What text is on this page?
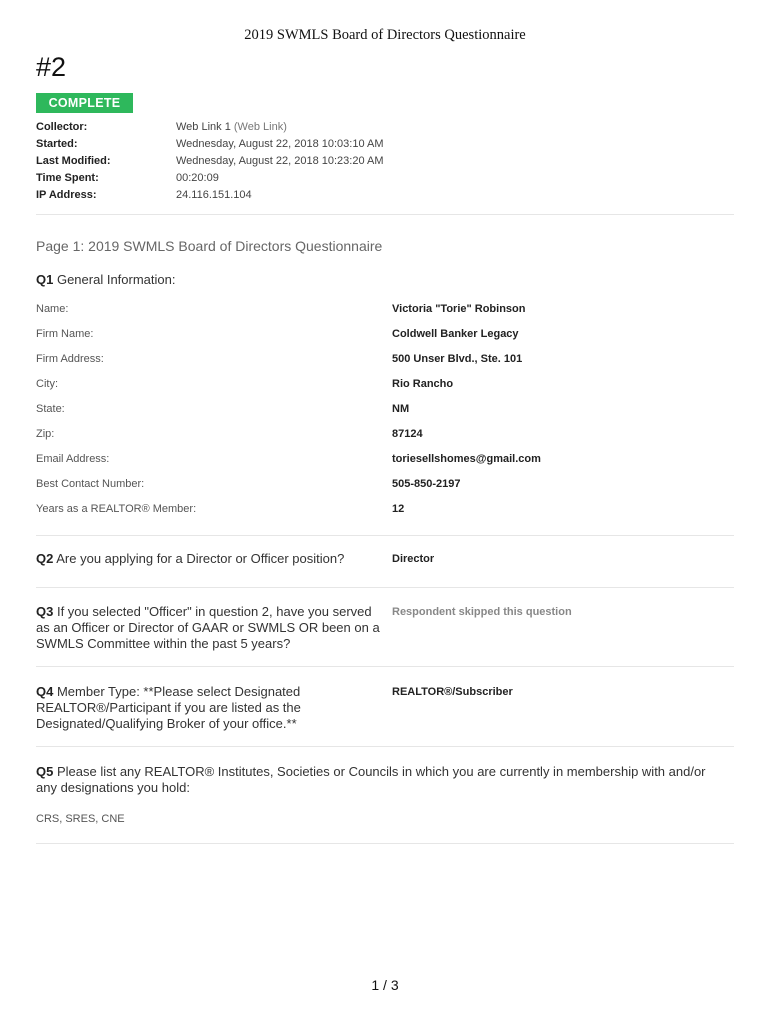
2019 SWMLS Board of Directors Questionnaire
#2
COMPLETE
Collector:	Web Link 1 (Web Link)
Started:	Wednesday, August 22, 2018 10:03:10 AM
Last Modified:	Wednesday, August 22, 2018 10:23:20 AM
Time Spent:	00:20:09
IP Address:	24.116.151.104
Page 1: 2019 SWMLS Board of Directors Questionnaire
Q1 General Information:
Name:	Victoria "Torie" Robinson
Firm Name:	Coldwell Banker Legacy
Firm Address:	500 Unser Blvd., Ste. 101
City:	Rio Rancho
State:	NM
Zip:	87124
Email Address:	toriesellshomes@gmail.com
Best Contact Number:	505-850-2197
Years as a REALTOR® Member:	12
Q2 Are you applying for a Director or Officer position?	Director
Q3 If you selected "Officer" in question 2, have you served as an Officer or Director of GAAR or SWMLS OR been on a SWMLS Committee within the past 5 years?
Respondent skipped this question
Q4 Member Type: **Please select Designated REALTOR®/Participant if you are listed as the Designated/Qualifying Broker of your office.**
REALTOR®/Subscriber
Q5 Please list any REALTOR® Institutes, Societies or Councils in which you are currently in membership with and/or any designations you hold:
CRS, SRES, CNE
1 / 3
